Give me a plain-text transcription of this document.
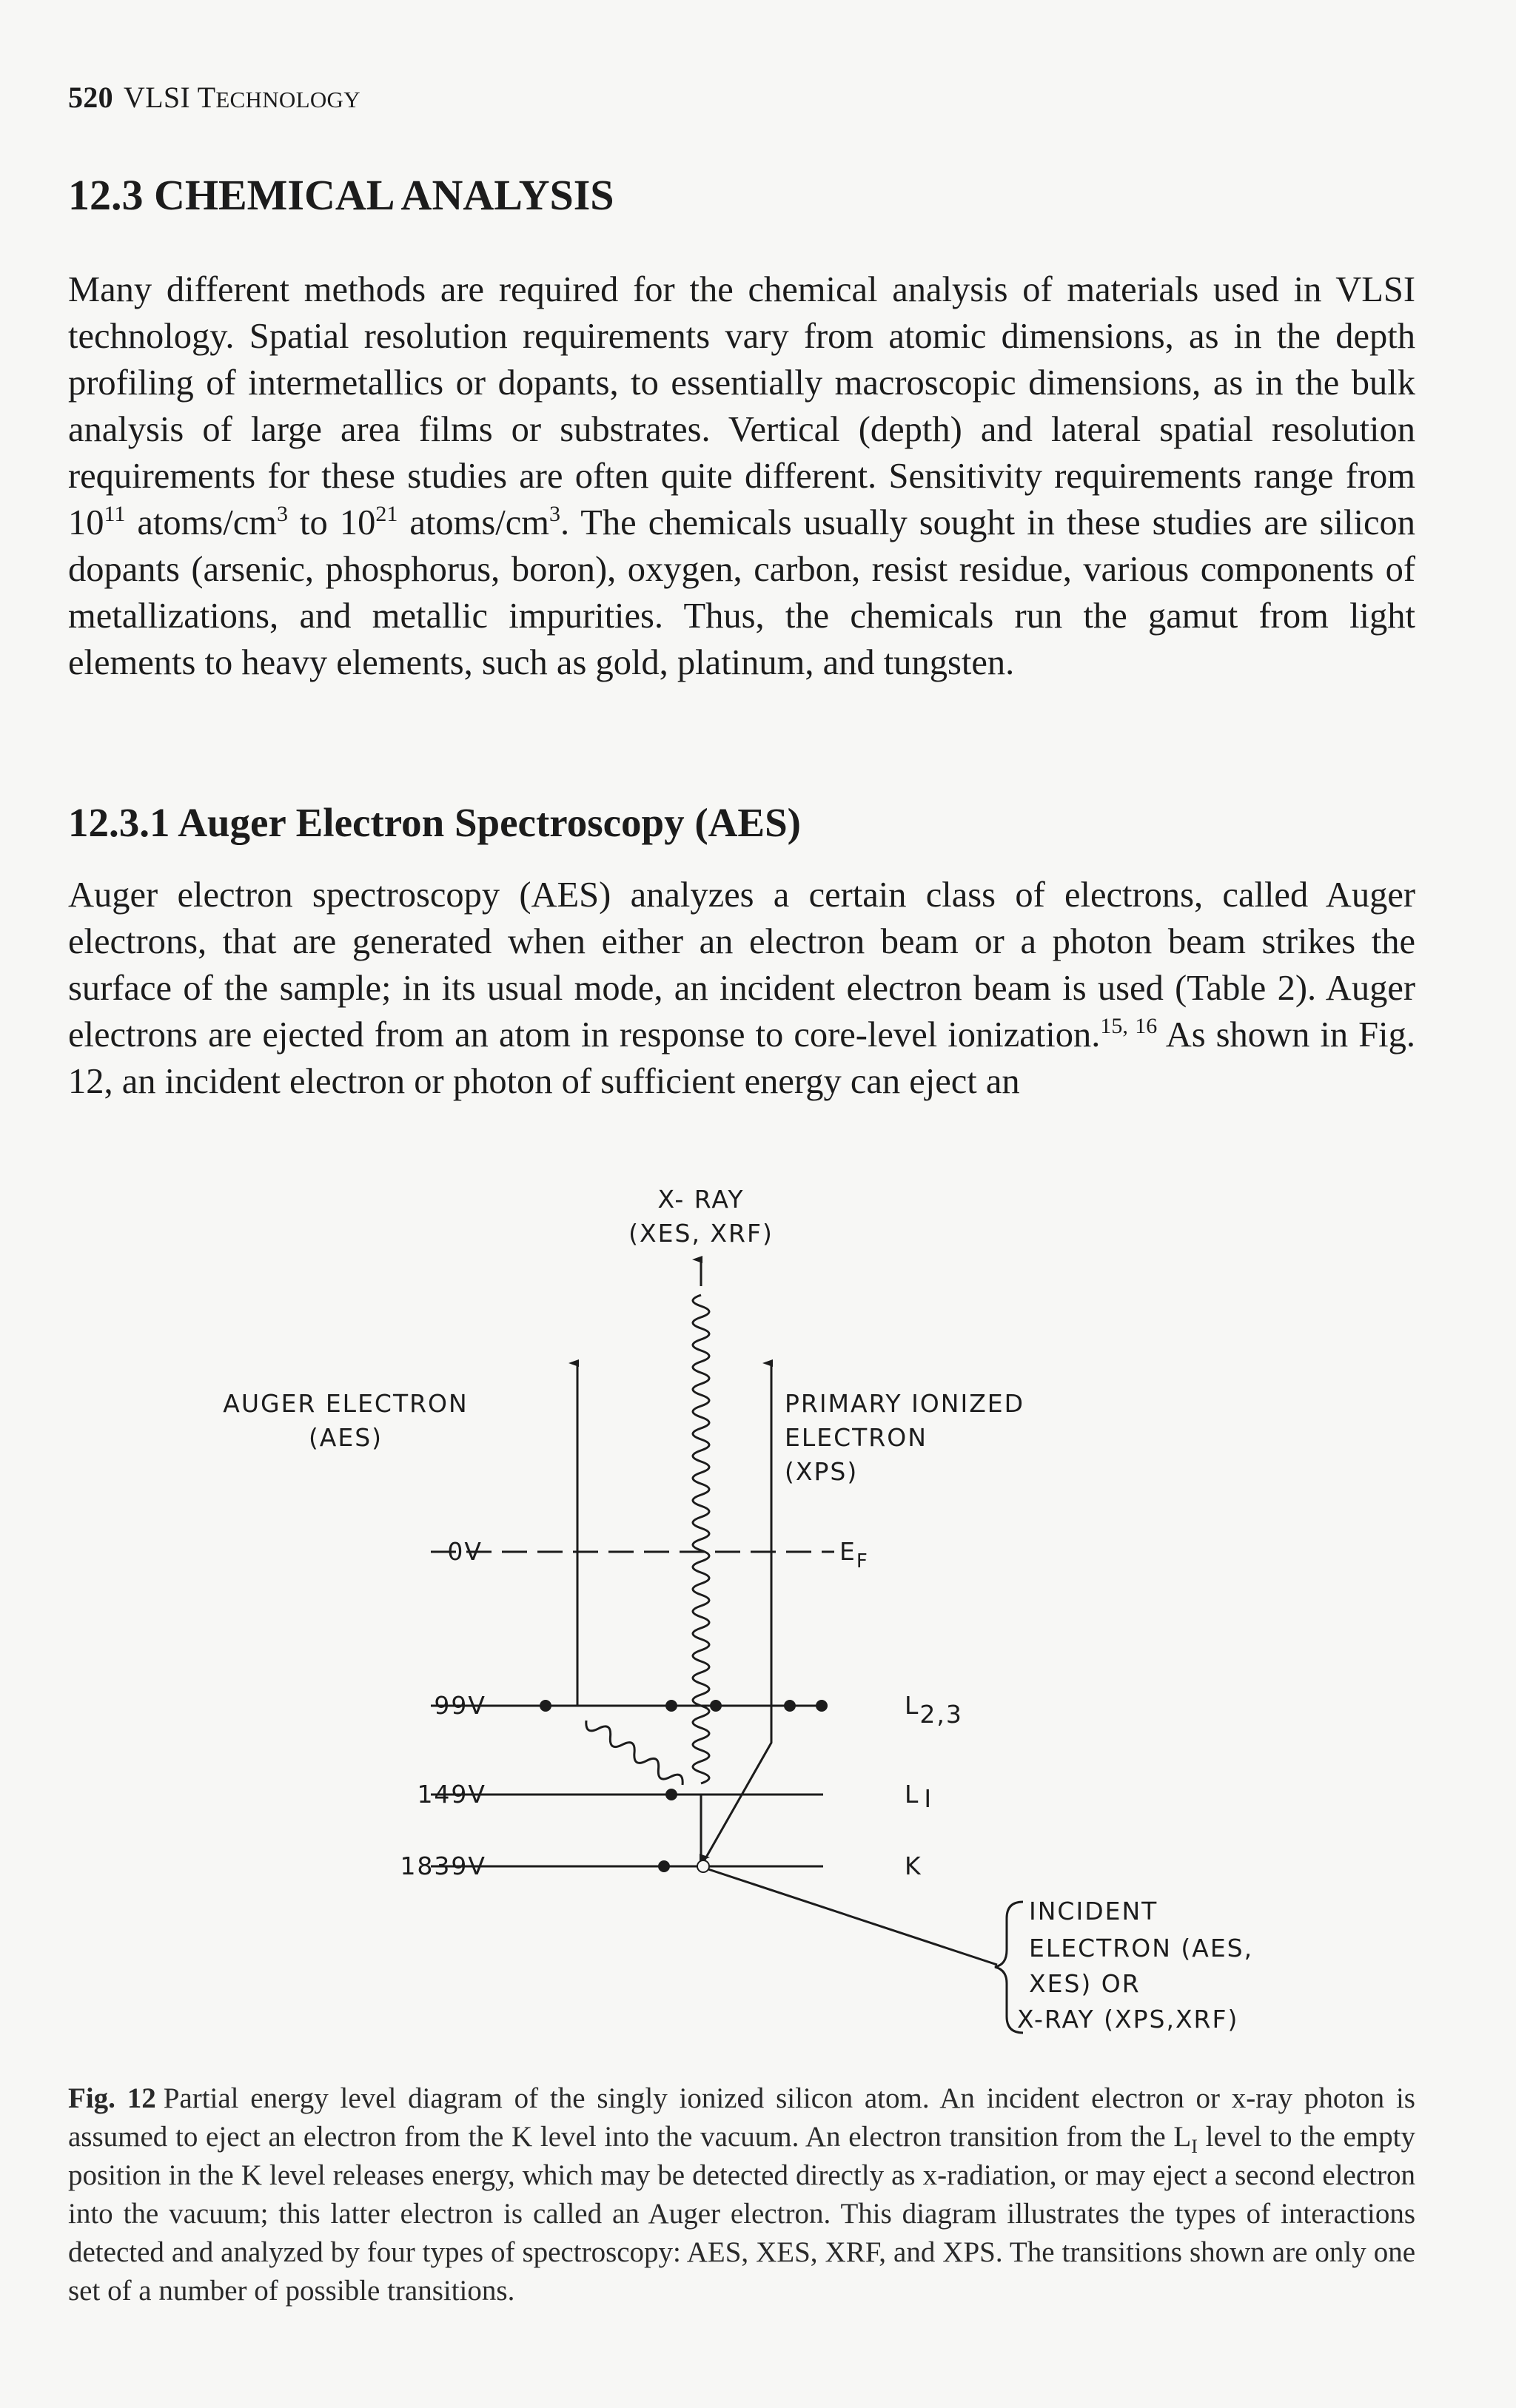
520 VLSI TECHNOLOGY
12.3 CHEMICAL ANALYSIS

Many different methods are required for the chemical analysis of materials used in VLSI technology. Spatial resolution requirements vary from atomic dimensions, as in the depth profiling of intermetallics or dopants, to essentially macroscopic dimensions, as in the bulk analysis of large area films or substrates. Vertical (depth) and lateral spatial resolution requirements for these studies are often quite different. Sensitivity requirements range from $10^{11}$ atoms/$cm^3$ to $10^{21}$ atoms/$cm^3$. The chemicals usually sought in these studies are silicon dopants (arsenic, phosphorus, boron), oxygen, carbon, resist residue, various components of metallizations, and metallic impurities. Thus, the chemicals run the gamut from light elements to heavy elements, such as gold, platinum, and tungsten.

12.3.1 Auger Electron Spectroscopy (AES)

Auger electron spectroscopy (AES) analyzes a certain class of electrons, called Auger electrons, that are generated when either an electron beam or a photon beam strikes the surface of the sample; in its usual mode, an incident electron beam is used (Table 2). Auger electrons are ejected from an atom in response to core-level ionization.$^{15, 16}$ As shown in Fig. 12, an incident electron or photon of sufficient energy can eject an

X- RAY
(XES, XRF)
AUGER ELECTRON
(AES)
PRIMARY IONIZED
ELECTRON
(XPS)
0V
99V
149V
1839V
$E_F$
L2,3
L I
K
INCIDENT
ELECTRON (AES,
XES) OR
X-RAY (XPS,XRF)

Fig. 12 Partial energy level diagram of the singly ionized silicon atom. An incident electron or x-ray photon is assumed to eject an electron from the K level into the vacuum. An electron transition from the $L_I$ level to the empty position in the K level releases energy, which may be detected directly as x-radiation, or may eject a second electron into the vacuum; this latter electron is called an Auger electron. This diagram illustrates the types of interactions detected and analyzed by four types of spectroscopy: AES, XES, XRF, and XPS. The transitions shown are only one set of a number of possible transitions.
